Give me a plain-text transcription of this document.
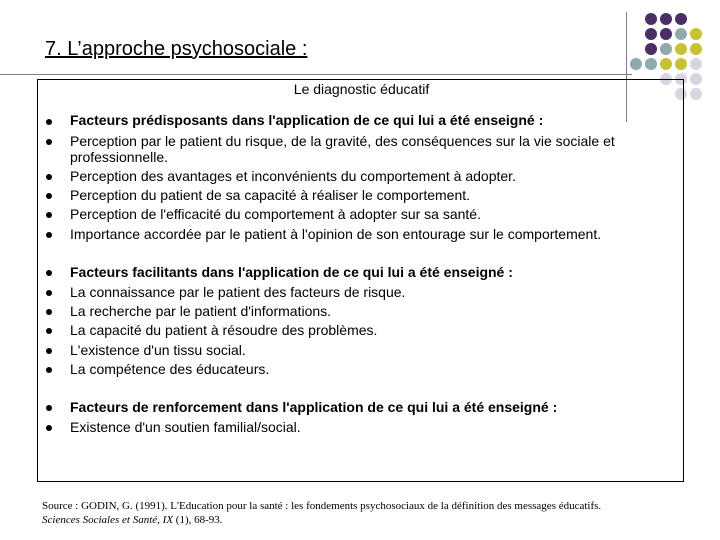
7. L’approche psychosociale :
Le diagnostic éducatif
Facteurs prédisposants dans l'application de ce qui lui a été enseigné :
Perception par le patient du risque, de la gravité, des conséquences sur la vie sociale et professionnelle.
Perception des avantages et inconvénients du comportement à adopter.
Perception du patient de sa capacité à réaliser le comportement.
Perception de l'efficacité du comportement à adopter sur sa santé.
Importance accordée par le patient à l'opinion de son entourage sur le comportement.
Facteurs facilitants dans l'application de ce qui lui a été enseigné :
La connaissance par le patient des facteurs de risque.
La recherche par le patient d'informations.
La capacité du patient à résoudre des problèmes.
L'existence d'un tissu social.
La compétence des éducateurs.
Facteurs de renforcement dans l'application de ce qui lui a été enseigné :
Existence d'un soutien familial/social.
Source : GODIN, G. (1991). L'Education pour la santé : les fondements psychosociaux de la définition des messages éducatifs.
Sciences Sociales et Santé, IX (1), 68-93.
